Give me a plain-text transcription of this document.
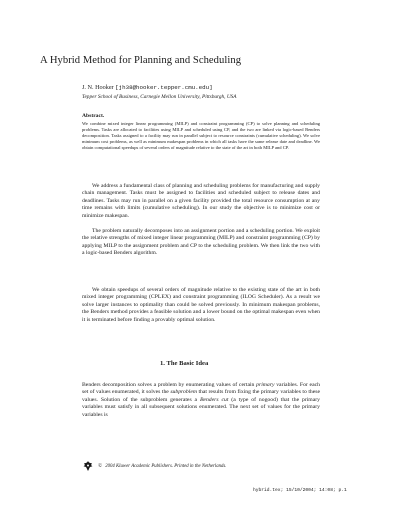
A Hybrid Method for Planning and Scheduling
J. N. Hooker [jh38@hooker.tepper.cmu.edu]
Tepper School of Business, Carnegie Mellon University, Pittsburgh, USA
Abstract.
We combine mixed integer linear programming (MILP) and constraint programming (CP) to solve planning and scheduling problems. Tasks are allocated to facilities using MILP and scheduled using CP, and the two are linked via logic-based Benders decomposition. Tasks assigned to a facility may run in parallel subject to resource constraints (cumulative scheduling). We solve minimum cost problems, as well as minimum makespan problems in which all tasks have the same release date and deadline. We obtain computational speedups of several orders of magnitude relative to the state of the art in both MILP and CP.
We address a fundamental class of planning and scheduling problems for manufacturing and supply chain management. Tasks must be assigned to facilities and scheduled subject to release dates and deadlines. Tasks may run in parallel on a given facility provided the total resource consumption at any time remains with limits (cumulative scheduling). In our study the objective is to minimize cost or minimize makespan.
The problem naturally decomposes into an assignment portion and a scheduling portion. We exploit the relative strengths of mixed integer linear programming (MILP) and constraint programming (CP) by applying MILP to the assignment problem and CP to the scheduling problem. We then link the two with a logic-based Benders algorithm.
We obtain speedups of several orders of magnitude relative to the existing state of the art in both mixed integer programming (CPLEX) and constraint programming (ILOG Scheduler). As a result we solve larger instances to optimality than could be solved previously. In minimum makespan problems, the Benders method provides a feasible solution and a lower bound on the optimal makespan even when it is terminated before finding a provably optimal solution.
1. The Basic Idea
Benders decomposition solves a problem by enumerating values of certain primary variables. For each set of values enumerated, it solves the subproblem that results from fixing the primary variables to these values. Solution of the subproblem generates a Benders cut (a type of nogood) that the primary variables must satisfy in all subsequent solutions enumerated. The next set of values for the primary variables is
© 2004 Kluwer Academic Publishers. Printed in the Netherlands.
hybrid.tex; 15/10/2004; 14:08; p.1
